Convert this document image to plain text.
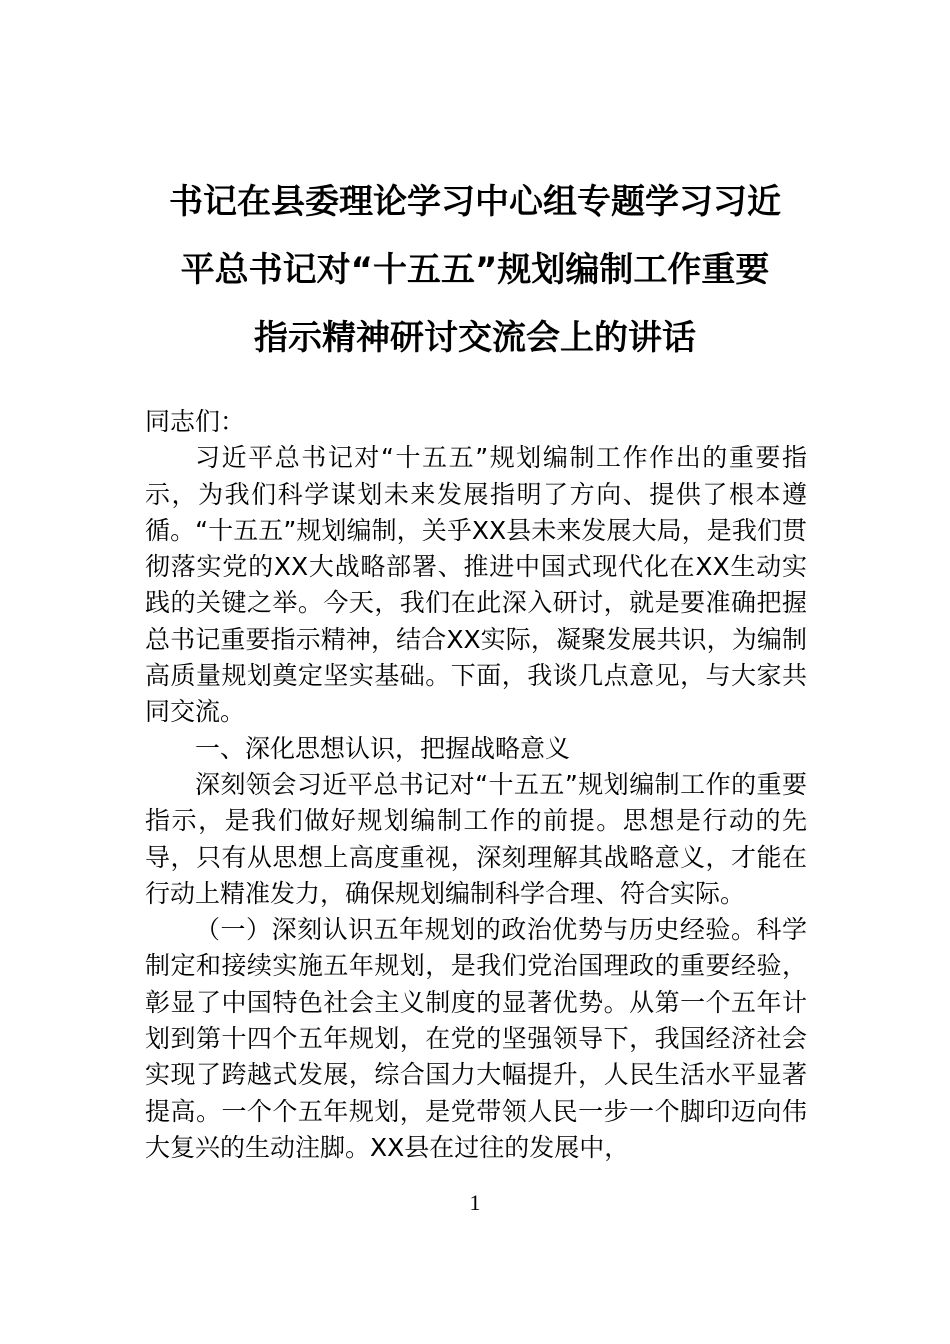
书记在县委理论学习中心组专题学习习近
平总书记对“十五五”规划编制工作重要
指示精神研讨交流会上的讲话

同志们：

习近平总书记对“十五五”规划编制工作作出的重要指示，为我们科学谋划未来发展指明了方向、提供了根本遵循。“十五五”规划编制，关乎XX县未来发展大局，是我们贯彻落实党的XX大战略部署、推进中国式现代化在XX生动实践的关键之举。今天，我们在此深入研讨，就是要准确把握总书记重要指示精神，结合XX实际，凝聚发展共识，为编制高质量规划奠定坚实基础。下面，我谈几点意见，与大家共同交流。

一、深化思想认识，把握战略意义

深刻领会习近平总书记对“十五五”规划编制工作的重要指示，是我们做好规划编制工作的前提。思想是行动的先导，只有从思想上高度重视，深刻理解其战略意义，才能在行动上精准发力，确保规划编制科学合理、符合实际。

（一）深刻认识五年规划的政治优势与历史经验。科学制定和接续实施五年规划，是我们党治国理政的重要经验，彰显了中国特色社会主义制度的显著优势。从第一个五年计划到第十四个五年规划，在党的坚强领导下，我国经济社会实现了跨越式发展，综合国力大幅提升，人民生活水平显著提高。一个个五年规划，是党带领人民一步一个脚印迈向伟大复兴的生动注脚。XX县在过往的发展中，

1
